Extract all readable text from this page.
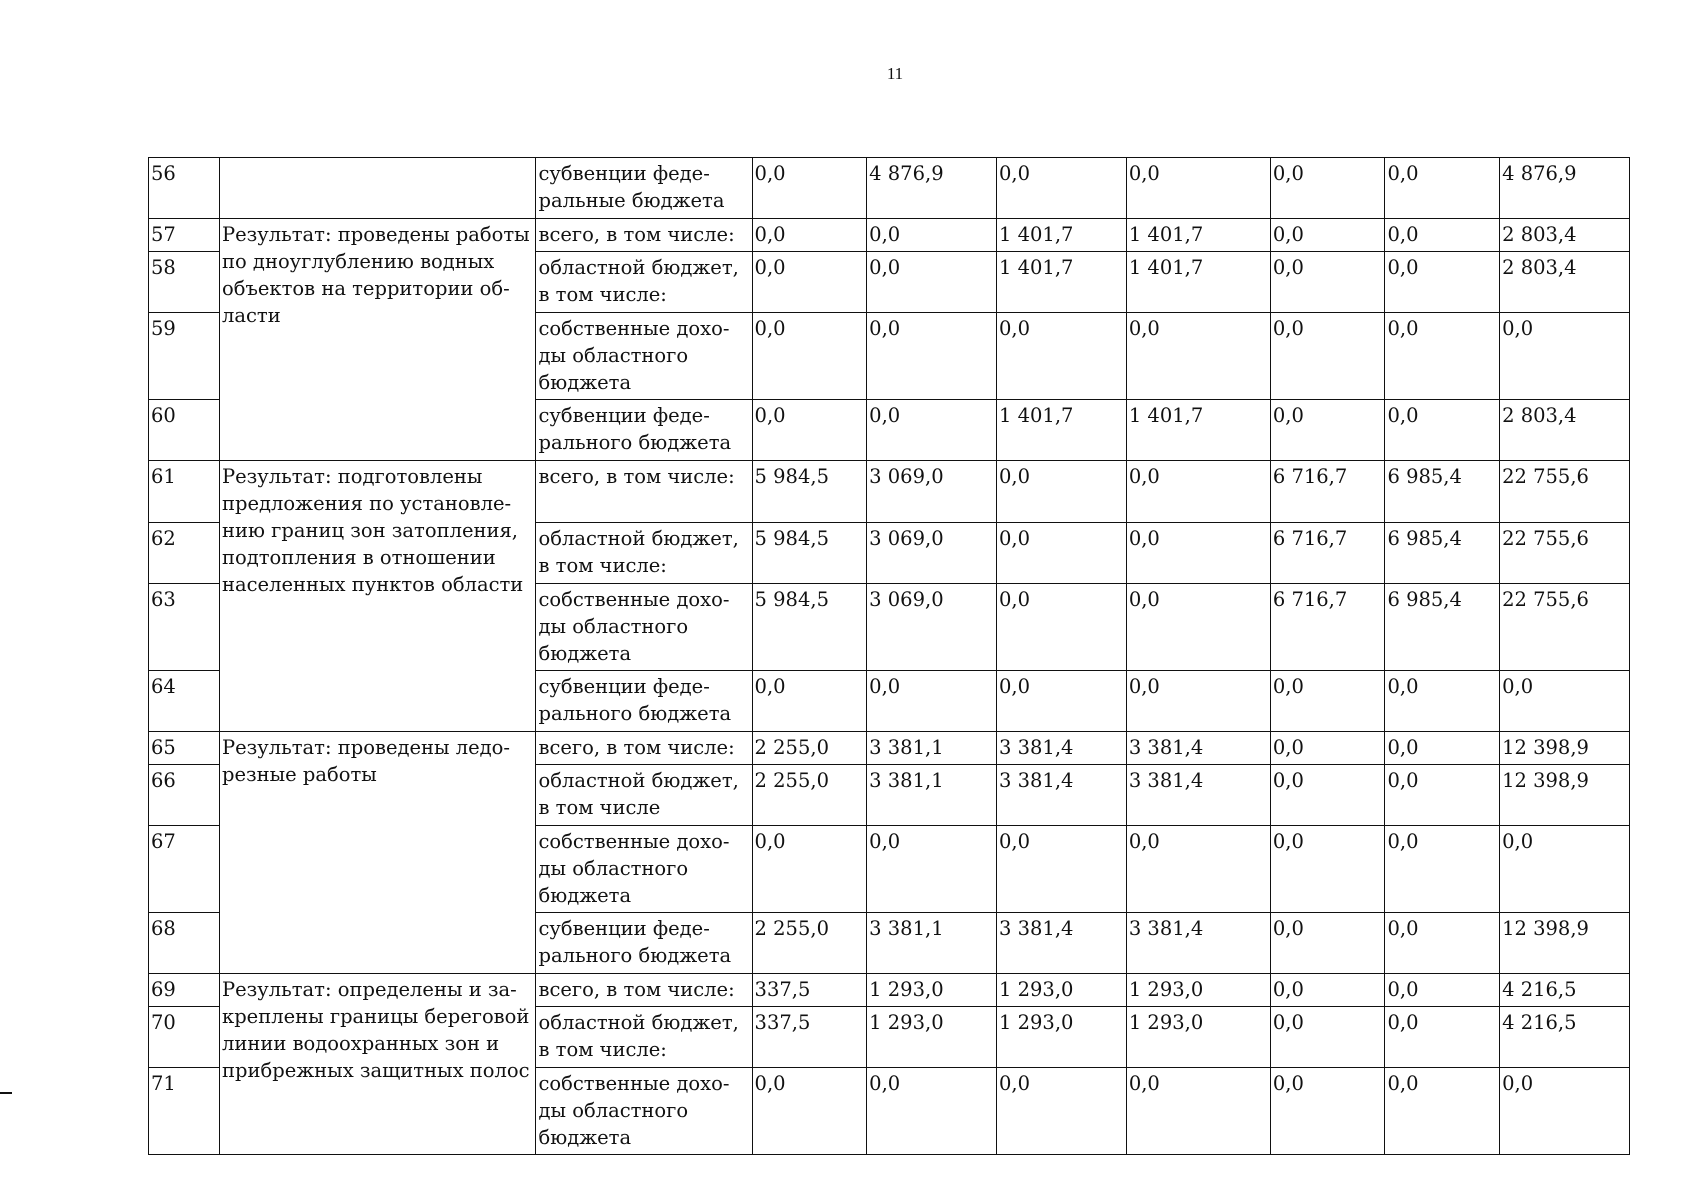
11
56		субвенции феде-ральные бюджета	0,0	4 876,9	0,0	0,0	0,0	0,0	4 876,9
57	Результат: проведены работы по дноуглублению водных объектов на территории об-ласти	всего, в том числе:	0,0	0,0	1 401,7	1 401,7	0,0	0,0	2 803,4
58		областной бюджет, в том числе:	0,0	0,0	1 401,7	1 401,7	0,0	0,0	2 803,4
59		собственные дохо-ды областного бюджета	0,0	0,0	0,0	0,0	0,0	0,0	0,0
60		субвенции феде-рального бюджета	0,0	0,0	1 401,7	1 401,7	0,0	0,0	2 803,4
61	Результат: подготовлены предложения по установле-нию границ зон затопления, подтопления в отношении населенных пунктов области	всего, в том числе:	5 984,5	3 069,0	0,0	0,0	6 716,7	6 985,4	22 755,6
62		областной бюджет, в том числе:	5 984,5	3 069,0	0,0	0,0	6 716,7	6 985,4	22 755,6
63		собственные дохо-ды областного бюджета	5 984,5	3 069,0	0,0	0,0	6 716,7	6 985,4	22 755,6
64		субвенции феде-рального бюджета	0,0	0,0	0,0	0,0	0,0	0,0	0,0
65	Результат: проведены ледо-резные работы	всего, в том числе:	2 255,0	3 381,1	3 381,4	3 381,4	0,0	0,0	12 398,9
66		областной бюджет, в том числе	2 255,0	3 381,1	3 381,4	3 381,4	0,0	0,0	12 398,9
67		собственные дохо-ды областного бюджета	0,0	0,0	0,0	0,0	0,0	0,0	0,0
68		субвенции феде-рального бюджета	2 255,0	3 381,1	3 381,4	3 381,4	0,0	0,0	12 398,9
69	Результат: определены и за-креплены границы береговой линии водоохранных зон и прибрежных защитных полос	всего, в том числе:	337,5	1 293,0	1 293,0	1 293,0	0,0	0,0	4 216,5
70		областной бюджет, в том числе:	337,5	1 293,0	1 293,0	1 293,0	0,0	0,0	4 216,5
71		собственные дохо-ды областного бюджета	0,0	0,0	0,0	0,0	0,0	0,0	0,0
